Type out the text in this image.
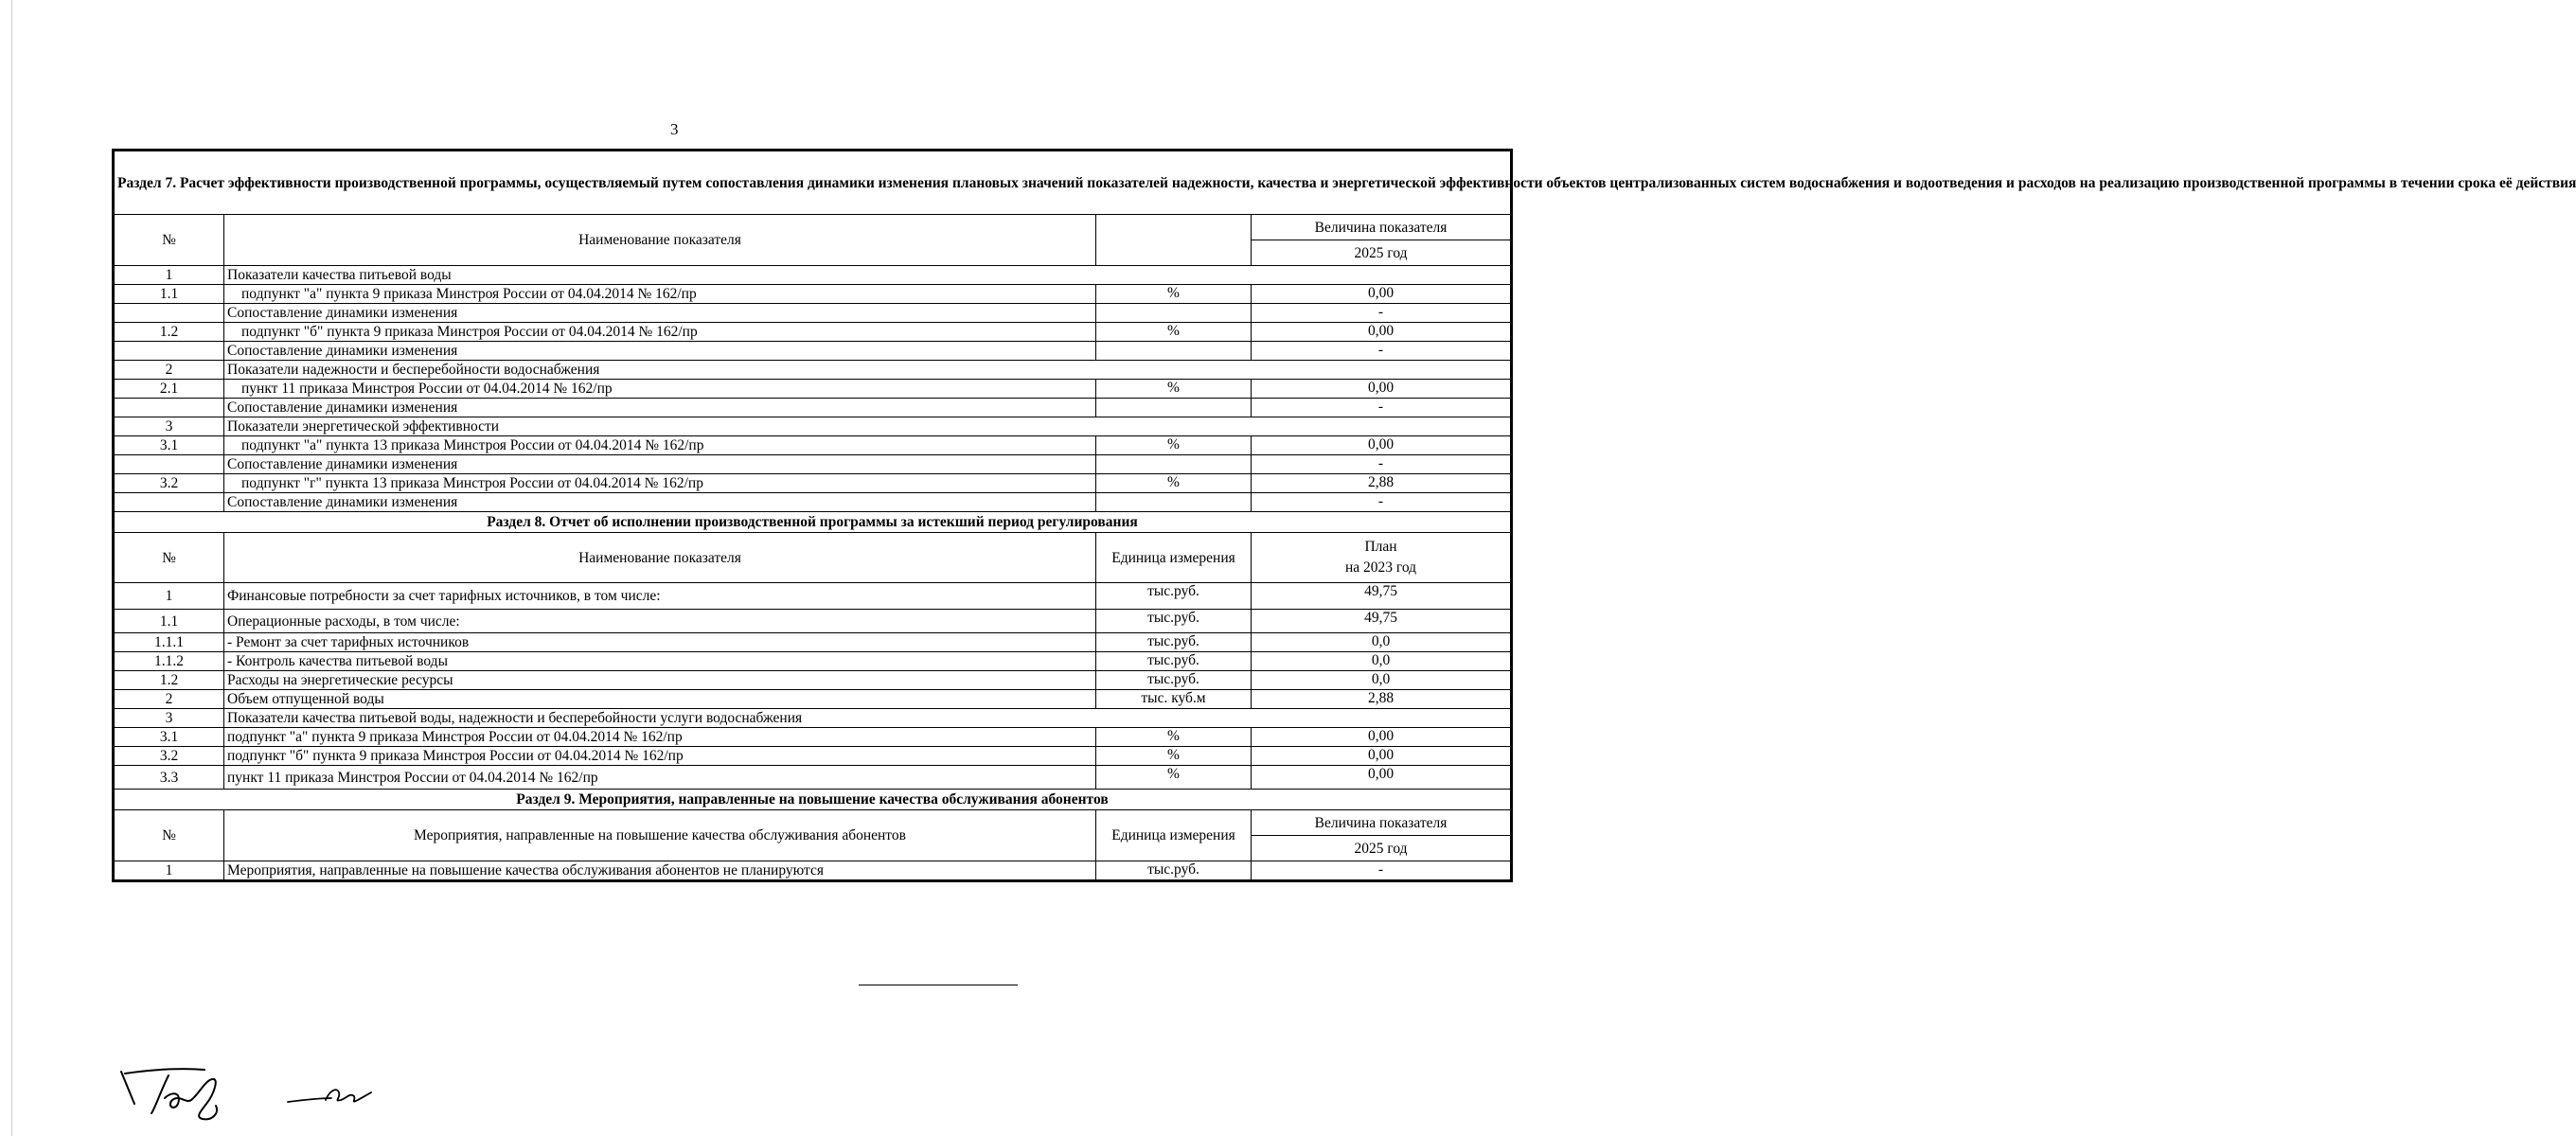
3
Раздел 7. Расчет эффективности производственной программы, осуществляемый путем сопоставления динамики изменения плановых значений показателей надежности, качества и энергетической эффективности объектов централизованных систем водоснабжения и водоотведения и расходов на реализацию производственной программы в течении срока её действия			
№	Наименование показателя		Величина показателя
			2025 год
1	Показатели качества питьевой воды		
1.1	подпункт "а" пункта 9 приказа Минстроя России от 04.04.2014 № 162/пр	%	0,00
	Сопоставление динамики изменения		-
1.2	подпункт "б" пункта 9 приказа Минстроя России от 04.04.2014 № 162/пр	%	0,00
	Сопоставление динамики изменения		-
2	Показатели надежности и бесперебойности водоснабжения		
2.1	пункт 11 приказа Минстроя России от 04.04.2014 № 162/пр	%	0,00
	Сопоставление динамики изменения		-
3	Показатели энергетической эффективности		
3.1	подпункт "а" пункта 13 приказа Минстроя России от 04.04.2014 № 162/пр	%	0,00
	Сопоставление динамики изменения		-
3.2	подпункт "г" пункта 13 приказа Минстроя России от 04.04.2014 № 162/пр	%	2,88
	Сопоставление динамики изменения		-
Раздел 8. Отчет об исполнении производственной программы за истекший период регулирования			
№	Наименование показателя	Единица измерения	План
на 2023 год

1	Финансовые потребности за счет тарифных источников, в том числе:	тыс.руб.	49,75
1.1	Операционные расходы, в том числе:	тыс.руб.	49,75
1.1.1	- Ремонт за счет тарифных источников	тыс.руб.	0,0
1.1.2	- Контроль качества питьевой воды	тыс.руб.	0,0
1.2	Расходы на энергетические ресурсы	тыс.руб.	0,0
2	Объем отпущенной воды	тыс. куб.м	2,88
3	Показатели качества питьевой воды, надежности и бесперебойности услуги водоснабжения		
3.1	подпункт "а" пункта 9 приказа Минстроя России от 04.04.2014 № 162/пр	%	0,00
3.2	подпункт "б" пункта 9 приказа Минстроя России от 04.04.2014 № 162/пр	%	0,00
3.3	пункт 11 приказа Минстроя России от 04.04.2014 № 162/пр	%	0,00
Раздел 9. Мероприятия, направленные на повышение качества обслуживания абонентов			
№	Мероприятия, направленные на повышение качества обслуживания абонентов	Единица измерения	Величина показателя
			2025 год
1	Мероприятия, направленные на повышение качества обслуживания абонентов не планируются	тыс.руб.	-
